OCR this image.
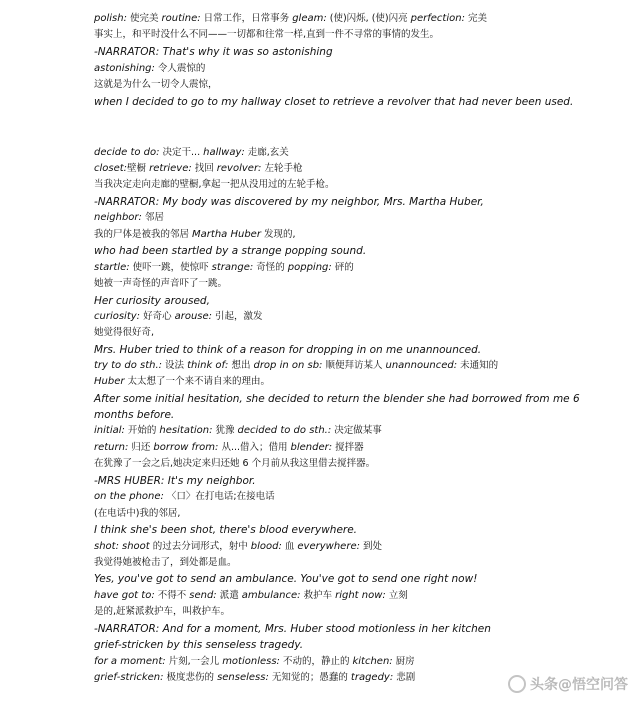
polish: 使完美 routine: 日常工作，日常事务 gleam: (使)闪烁, (使)闪亮 perfection: 完美
事实上，和平时没什么不同——一切都和往常一样,直到一件不寻常的事情的发生。
-NARRATOR: That's why it was so astonishing
astonishing: 令人震惊的
这就是为什么一切令人震惊，
when I decided to go to my hallway closet to retrieve a revolver that had never been used.
decide to do: 决定干... hallway: 走廊,玄关
closet:壁橱 retrieve: 找回 revolver: 左轮手枪
当我决定走向走廊的壁橱,拿起一把从没用过的左轮手枪。
-NARRATOR: My body was discovered by my neighbor, Mrs. Martha Huber,
neighbor: 邻居
我的尸体是被我的邻居 Martha Huber 发现的,
who had been startled by a strange popping sound.
startle: 使吓一跳，使惊吓 strange: 奇怪的 popping: 砰的
她被一声奇怪的声音吓了一跳。
Her curiosity aroused,
curiosity: 好奇心 arouse: 引起，激发
她觉得很好奇,
Mrs. Huber tried to think of a reason for dropping in on me unannounced.
try to do sth.: 设法 think of: 想出 drop in on sb: 顺便拜访某人 unannounced: 未通知的
Huber 太太想了一个来不请自来的理由。
After some initial hesitation, she decided to return the blender she had borrowed from me 6
months before.
initial: 开始的 hesitation: 犹豫 decided to do sth.: 决定做某事
return: 归还 borrow from: 从...借入；借用 blender: 搅拌器
在犹豫了一会之后,她决定来归还她 6 个月前从我这里借去搅拌器。
-MRS HUBER: It's my neighbor.
on the phone: 〈口〉在打电话;在接电话
(在电话中)我的邻居,
I think she's been shot, there's blood everywhere.
shot: shoot 的过去分词形式，射中 blood: 血 everywhere: 到处
我觉得她被枪击了，到处都是血。
Yes, you've got to send an ambulance. You've got to send one right now!
have got to: 不得不 send: 派遣 ambulance: 救护车 right now: 立刻
是的,赶紧派救护车，叫救护车。
-NARRATOR: And for a moment, Mrs. Huber stood motionless in her kitchen
grief-stricken by this senseless tragedy.
for a moment: 片刻,一会儿 motionless: 不动的，静止的 kitchen: 厨房
grief-stricken: 极度悲伤的 senseless: 无知觉的；愚蠢的 tragedy: 悲剧	头条@悟空问答
